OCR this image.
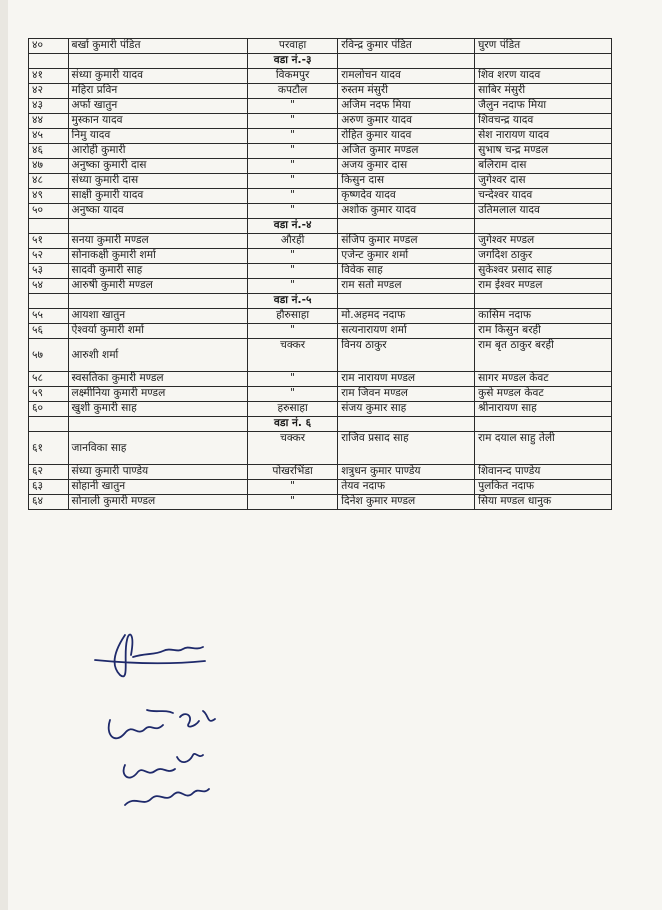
४०	बर्खा कुमारी पंडित	परवाहा	रविन्द्र कुमार पंडित	घुरण पंडित
		वडा नं.-३		
४१	संध्या कुमारी यादव	विकमपुर	रामलोचन यादव	शिव शरण यादव
४२	महिरा प्रविन	कपटौल	रुस्तम मंसुरी	साबिर मंसुरी
४३	अर्फा खातुन	"	अजिम नदफ मिया	जैलुन नदाफ मिया
४४	मुस्कान यादव	"	अरुण कुमार यादव	शिवचन्द्र यादव
४५	निमु यादव	"	रोहित कुमार यादव	सेश नारायण यादव
४६	आरोही कुमारी	"	अजित कुमार मण्डल	सुभाष चन्द्र मण्डल
४७	अनुष्का कुमारी दास	"	अजय कुमार दास	बलिराम दास
४८	संध्या कुमारी दास	"	किसुन दास	जुगेश्वर दास
४९	साक्षी कुमारी यादव	"	कृष्णदेव यादव	चन्देश्वर यादव
५०	अनुष्का यादव	"	अशोक कुमार यादव	उतिमलाल यादव
		वडा नं.-४		
५१	सनया कुमारी मण्डल	औरही	संजिप कुमार मण्डल	जुगेश्वर मण्डल
५२	सोनाकक्षी कुमारी शर्मा	"	एजेन्ट कुमार शर्मा	जगदिश ठाकुर
५३	सादवी कुमारी साह	"	विवेक साह	सुकेश्वर प्रसाद साह
५४	आरुषी कुमारी मण्डल	"	राम सतो मण्डल	राम ईश्वर मण्डल
		वडा नं.-५		
५५	आयशा खातुन	हौरुसाहा	मो.अहमद नदाफ	कासिम नदाफ
५६	ऐश्वर्या कुमारी शर्मा	"	सत्यनारायण शर्मा	राम किसुन बरही
५७	आरुशी शर्मा	चक्कर	विनय ठाकुर	राम बृत ठाकुर बरही
५८	स्वसतिका कुमारी मण्डल	"	राम नारायण मण्डल	सागर मण्डल केवट
५९	लक्ष्मीनिया कुमारी मण्डल	"	राम जिवन मण्डल	कुसे मण्डल केवट
६०	खुशी कुमारी साह	हरुसाहा	संजय कुमार साह	श्रीनारायण साह
		वडा नं. ६		
६१	जानविका साह	चक्कर	राजिव प्रसाद साह	राम दयाल साहु तेली
६२	संध्या कुमारी पाण्डेय	पोखरभिंडा	शत्रुधन कुमार पाण्डेय	शिवानन्द पाण्डेय
६३	सोहानी खातुन	"	तेयव नदाफ	पुलकित नदाफ
६४	सोनाली कुमारी मण्डल	"	दिनेश कुमार मण्डल	सिया मण्डल धानुक
